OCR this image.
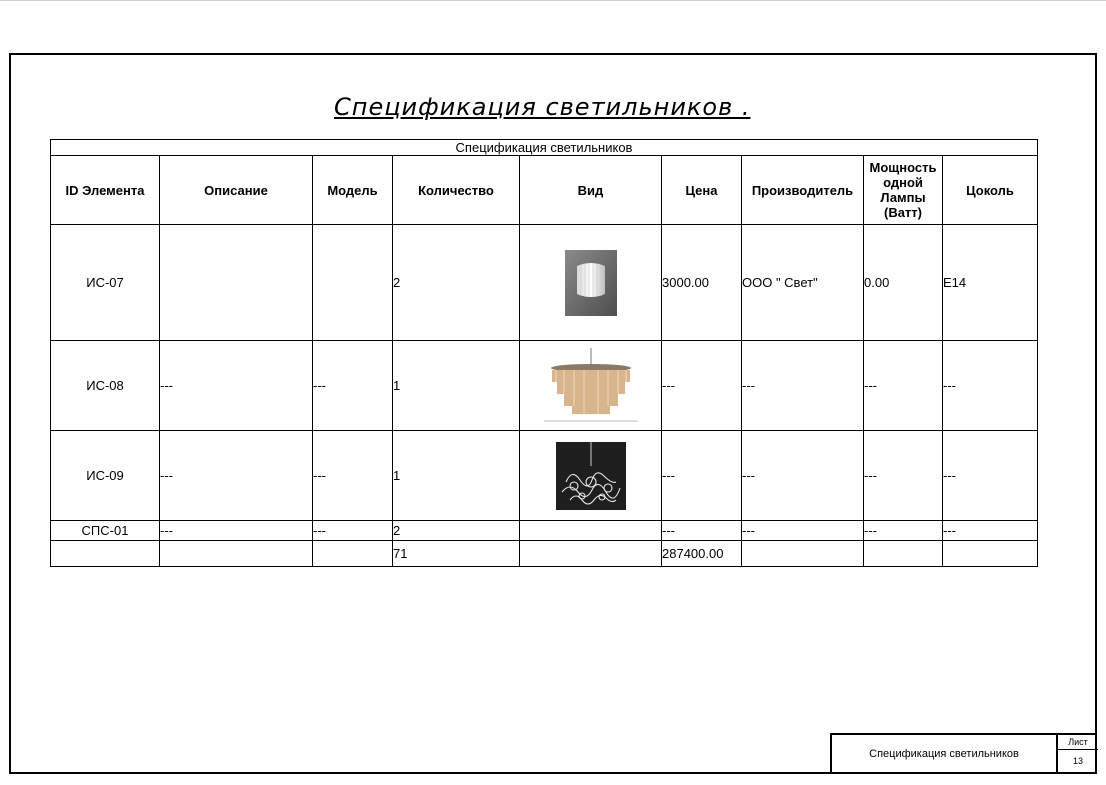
Спецификация светильников .
Спецификация светильников								
ID Элемента	Описание	Модель	Количество	Вид	Цена	Производитель	Мощность одной Лампы (Ватт)	Цоколь
ИС-07			2		3000.00	ООО " Свет"	0.00	E14
ИС-08	---	---	1		---	---	---	---
ИС-09	---	---	1		---	---	---	---
СПС-01	---	---	2		---	---	---	---
			71		287400.00			
Спецификация светильников
Лист
13
